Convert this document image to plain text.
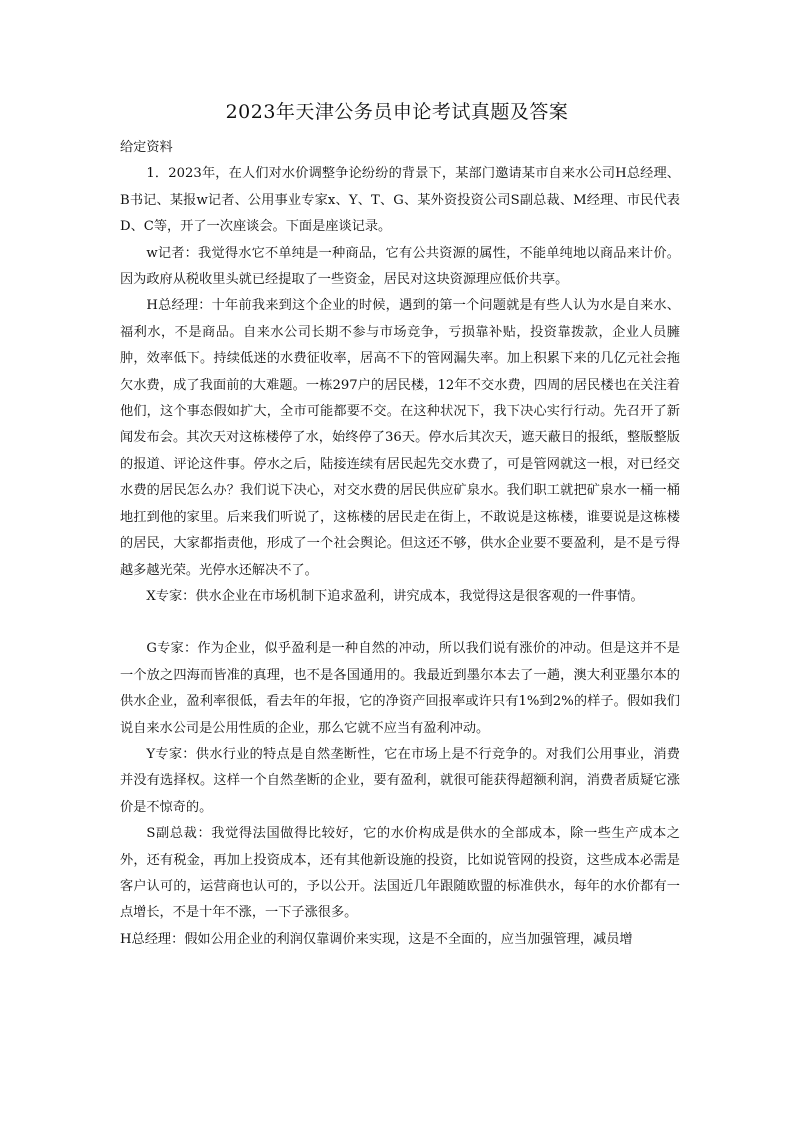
2023年天津公务员申论考试真题及答案

给定资料

1．2023年，在人们对水价调整争论纷纷的背景下，某部门邀请某市自来水公司H总经理、B书记、某报w记者、公用事业专家x、Y、T、G、某外资投资公司S副总裁、M经理、市民代表D、C等，开了一次座谈会。下面是座谈记录。

w记者：我觉得水它不单纯是一种商品，它有公共资源的属性，不能单纯地以商品来计价。因为政府从税收里头就已经提取了一些资金，居民对这块资源理应低价共享。

H总经理：十年前我来到这个企业的时候，遇到的第一个问题就是有些人认为水是自来水、福利水，不是商品。自来水公司长期不参与市场竞争，亏损靠补贴，投资靠拨款，企业人员臃肿，效率低下。持续低迷的水费征收率，居高不下的管网漏失率。加上积累下来的几亿元社会拖欠水费，成了我面前的大难题。一栋297户的居民楼，12年不交水费，四周的居民楼也在关注着他们，这个事态假如扩大，全市可能都要不交。在这种状况下，我下决心实行行动。先召开了新闻发布会。其次天对这栋楼停了水，始终停了36天。停水后其次天，遮天蔽日的报纸，整版整版的报道、评论这件事。停水之后，陆接连续有居民起先交水费了，可是管网就这一根，对已经交水费的居民怎么办？我们说下决心，对交水费的居民供应矿泉水。我们职工就把矿泉水一桶一桶地扛到他的家里。后来我们听说了，这栋楼的居民走在街上，不敢说是这栋楼，谁要说是这栋楼的居民，大家都指责他，形成了一个社会舆论。但这还不够，供水企业要不要盈利，是不是亏得越多越光荣。光停水还解决不了。

X专家：供水企业在市场机制下追求盈利，讲究成本，我觉得这是很客观的一件事情。

G专家：作为企业，似乎盈利是一种自然的冲动，所以我们说有涨价的冲动。但是这并不是一个放之四海而皆准的真理，也不是各国通用的。我最近到墨尔本去了一趟，澳大利亚墨尔本的供水企业，盈利率很低，看去年的年报，它的净资产回报率或许只有1%到2%的样子。假如我们说自来水公司是公用性质的企业，那么它就不应当有盈利冲动。

Y专家：供水行业的特点是自然垄断性，它在市场上是不行竞争的。对我们公用事业，消费并没有选择权。这样一个自然垄断的企业，要有盈利，就很可能获得超额利润，消费者质疑它涨价是不惊奇的。

S副总裁：我觉得法国做得比较好，它的水价构成是供水的全部成本，除一些生产成本之外，还有税金，再加上投资成本，还有其他新设施的投资，比如说管网的投资，这些成本必需是客户认可的，运营商也认可的，予以公开。法国近几年跟随欧盟的标准供水，每年的水价都有一点增长，不是十年不涨，一下子涨很多。

H总经理：假如公用企业的利润仅靠调价来实现，这是不全面的，应当加强管理，减员增
